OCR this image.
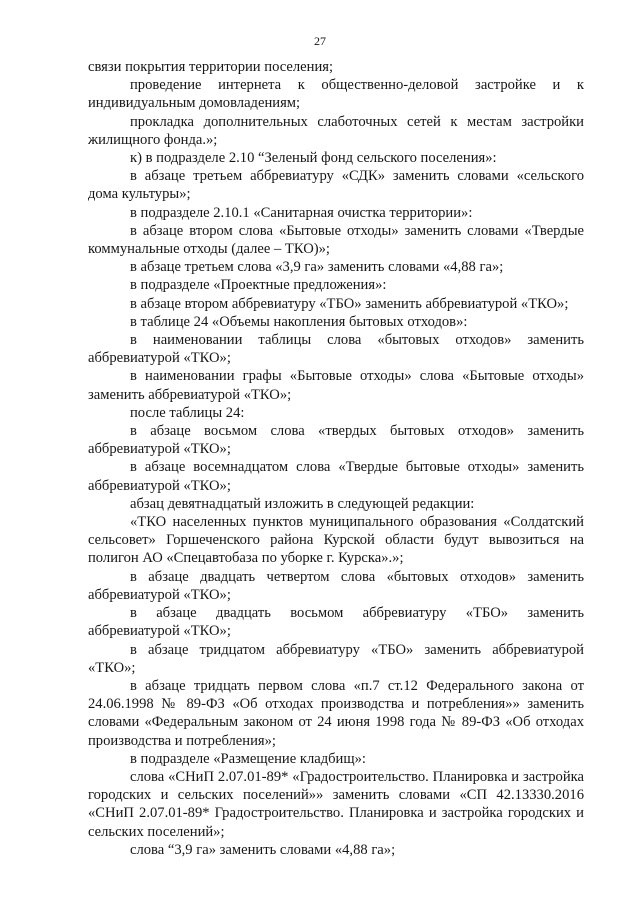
27
связи покрытия территории поселения;
проведение интернета к общественно-деловой застройке и к индивидуальным домовладениям;
прокладка дополнительных слаботочных сетей к местам застройки жилищного фонда.»;
к) в подразделе 2.10 “Зеленый фонд сельского поселения»:
в абзаце третьем аббревиатуру «СДК» заменить словами «сельского дома культуры»;
в подразделе 2.10.1 «Санитарная очистка территории»:
в абзаце втором слова «Бытовые отходы» заменить словами «Твердые коммунальные отходы (далее – ТКО)»;
в абзаце третьем слова «3,9 га» заменить словами «4,88 га»;
в подразделе «Проектные предложения»:
в абзаце втором аббревиатуру «ТБО» заменить аббревиатурой «ТКО»;
в таблице 24 «Объемы накопления бытовых отходов»:
в наименовании таблицы слова «бытовых отходов» заменить аббревиатурой «ТКО»;
в наименовании графы «Бытовые отходы» слова «Бытовые отходы» заменить аббревиатурой «ТКО»;
после таблицы 24:
в абзаце восьмом слова «твердых бытовых отходов» заменить аббревиатурой «ТКО»;
в абзаце восемнадцатом слова «Твердые бытовые отходы» заменить аббревиатурой «ТКО»;
абзац девятнадцатый изложить в следующей редакции:
«ТКО населенных пунктов муниципального образования «Солдатский сельсовет» Горшеченского района Курской области будут вывозиться на полигон АО «Спецавтобаза по уборке г. Курска».»;
в абзаце двадцать четвертом слова «бытовых отходов» заменить аббревиатурой «ТКО»;
в абзаце двадцать восьмом аббревиатуру «ТБО» заменить аббревиатурой «ТКО»;
в абзаце тридцатом аббревиатуру «ТБО» заменить аббревиатурой «ТКО»;
в абзаце тридцать первом слова «п.7 ст.12 Федерального закона от 24.06.1998 № 89-ФЗ «Об отходах производства и потребления»» заменить словами «Федеральным законом от 24 июня 1998 года № 89-ФЗ «Об отходах производства и потребления»;
в подразделе «Размещение кладбищ»:
слова «СНиП 2.07.01-89* «Градостроительство. Планировка и застройка городских и сельских поселений»» заменить словами «СП 42.13330.2016 «СНиП 2.07.01-89* Градостроительство. Планировка и застройка городских и сельских поселений»;
слова “3,9 га» заменить словами «4,88 га»;
